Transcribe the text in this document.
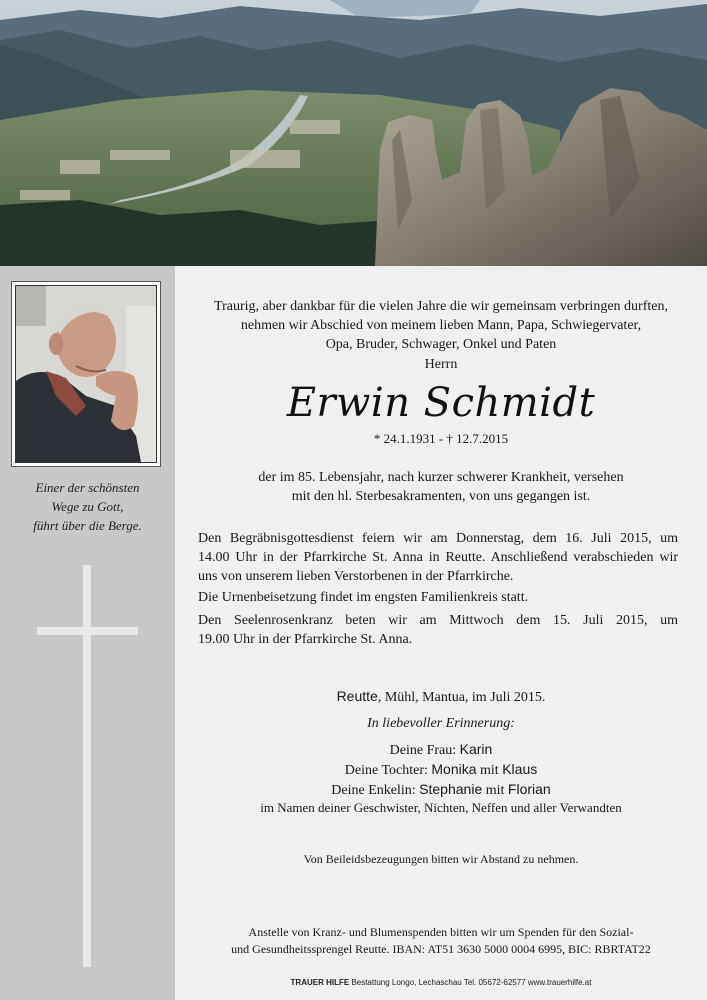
Einer der schönsten
Wege zu Gott,
führt über die Berge.
Traurig, aber dankbar für die vielen Jahre die wir gemeinsam verbringen durften,
nehmen wir Abschied von meinem lieben Mann, Papa, Schwiegervater,
Opa, Bruder, Schwager, Onkel und Paten
Herrn
Erwin Schmidt
* 24.1.1931 - † 12.7.2015
der im 85. Lebensjahr, nach kurzer schwerer Krankheit, versehen
mit den hl. Sterbesakramenten, von uns gegangen ist.
Den Begräbnisgottesdienst feiern wir am Donnerstag, dem 16. Juli 2015, um
14.00 Uhr in der Pfarrkirche St. Anna in Reutte. Anschließend verabschieden wir
uns von unserem lieben Verstorbenen in der Pfarrkirche.
Die Urnenbeisetzung findet im engsten Familienkreis statt.
Den Seelenrosenkranz beten wir am Mittwoch dem 15. Juli 2015, um
19.00 Uhr in der Pfarrkirche St. Anna.
Reutte, Mühl, Mantua, im Juli 2015.
In liebevoller Erinnerung:
Deine Frau: Karin
Deine Tochter: Monika mit Klaus
Deine Enkelin: Stephanie mit Florian
im Namen deiner Geschwister, Nichten, Neffen und aller Verwandten
Von Beileidsbezeugungen bitten wir Abstand zu nehmen.
Anstelle von Kranz- und Blumenspenden bitten wir um Spenden für den Sozial-
und Gesundheitssprengel Reutte. IBAN: AT51 3630 5000 0004 6995, BIC: RBRTAT22
TRAUER HILFE Bestattung Longo, Lechaschau Tel. 05672-62577 www.trauerhilfe.at
